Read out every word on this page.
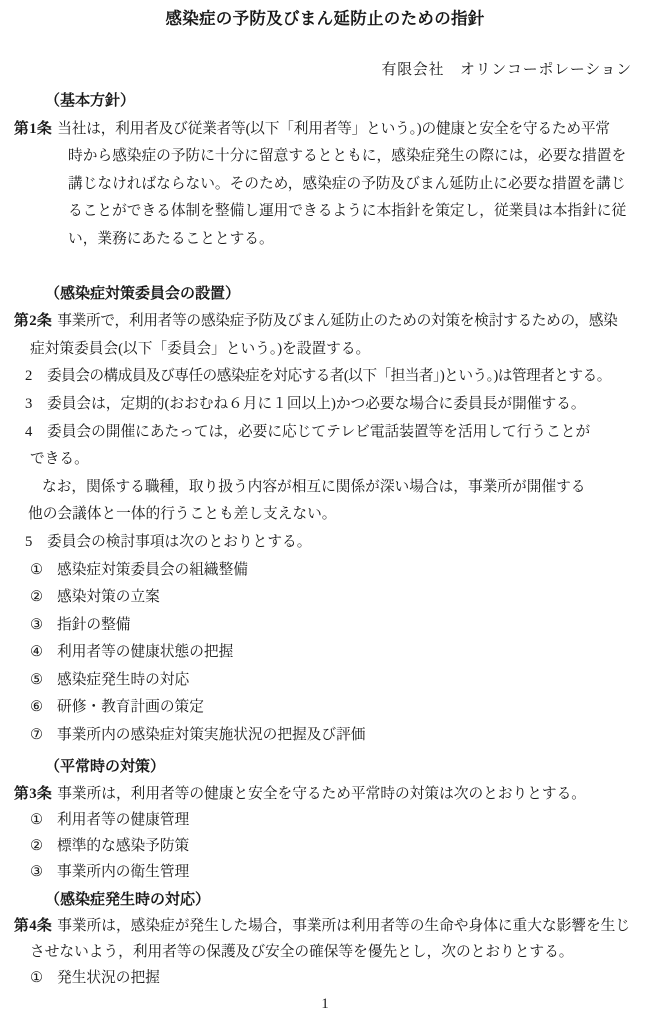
感染症の予防及びまん延防止のための指針
有限会社　オリンコーポレーション
（基本方針）
第1条 当社は，利用者及び従業者等(以下「利用者等」という。)の健康と安全を守るため平常
時から感染症の予防に十分に留意するとともに，感染症発生の際には，必要な措置を
講じなければならない。そのため，感染症の予防及びまん延防止に必要な措置を講じ
ることができる体制を整備し運用できるように本指針を策定し，従業員は本指針に従
い，業務にあたることとする。
（感染症対策委員会の設置）
第2条 事業所で，利用者等の感染症予防及びまん延防止のための対策を検討するための，感染
症対策委員会(以下「委員会」という。)を設置する。
2 委員会の構成員及び専任の感染症を対応する者(以下「担当者」)という。)は管理者とする。
3 委員会は，定期的(おおむね６月に１回以上)かつ必要な場合に委員長が開催する。
4 委員会の開催にあたっては，必要に応じてテレビ電話装置等を活用して行うことが
できる。
なお，関係する職種，取り扱う内容が相互に関係が深い場合は，事業所が開催する
他の会議体と一体的行うことも差し支えない。
5 委員会の検討事項は次のとおりとする。
① 感染症対策委員会の組織整備
② 感染対策の立案
③ 指針の整備
④ 利用者等の健康状態の把握
⑤ 感染症発生時の対応
⑥ 研修・教育計画の策定
⑦ 事業所内の感染症対策実施状況の把握及び評価
（平常時の対策）
第3条 事業所は，利用者等の健康と安全を守るため平常時の対策は次のとおりとする。
① 利用者等の健康管理
② 標準的な感染予防策
③ 事業所内の衛生管理
（感染症発生時の対応）
第4条 事業所は，感染症が発生した場合，事業所は利用者等の生命や身体に重大な影響を生じ
させないよう，利用者等の保護及び安全の確保等を優先とし，次のとおりとする。
① 発生状況の把握
1
